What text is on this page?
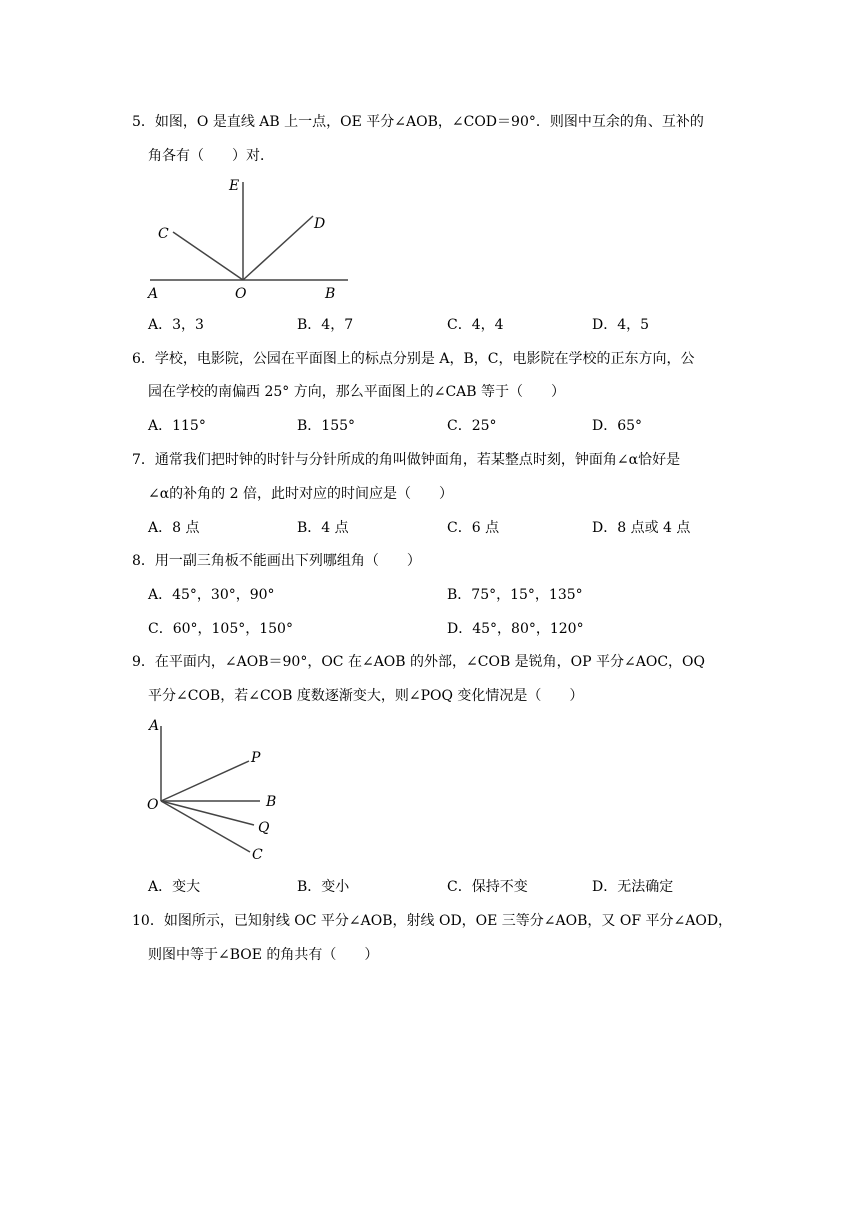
5．如图，O 是直线 AB 上一点，OE 平分∠AOB，∠COD＝90°．则图中互余的角、互补的
角各有（　　）对．
E
C
D
A	O	B
A．3，3	B．4，7	C．4，4	D．4，5
6．学校，电影院，公园在平面图上的标点分别是 A，B，C，电影院在学校的正东方向，公
园在学校的南偏西 25° 方向，那么平面图上的∠CAB 等于（　　）
A．115°	B．155°	C．25°	D．65°
7．通常我们把时钟的时针与分针所成的角叫做钟面角，若某整点时刻，钟面角∠α恰好是
∠α的补角的 2 倍，此时对应的时间应是（　　）
A．8 点	B．4 点	C．6 点	D．8 点或 4 点
8．用一副三角板不能画出下列哪组角（　　）
A．45°，30°，90°	B．75°，15°，135°
C．60°，105°，150°	D．45°，80°，120°
9．在平面内，∠AOB＝90°，OC 在∠AOB 的外部，∠COB 是锐角，OP 平分∠AOC，OQ
平分∠COB，若∠COB 度数逐渐变大，则∠POQ 变化情况是（　　）
A
P
O	B
Q
C
A．变大	B．变小	C．保持不变	D．无法确定
10．如图所示，已知射线 OC 平分∠AOB，射线 OD，OE 三等分∠AOB，又 OF 平分∠AOD，
则图中等于∠BOE 的角共有（　　）
